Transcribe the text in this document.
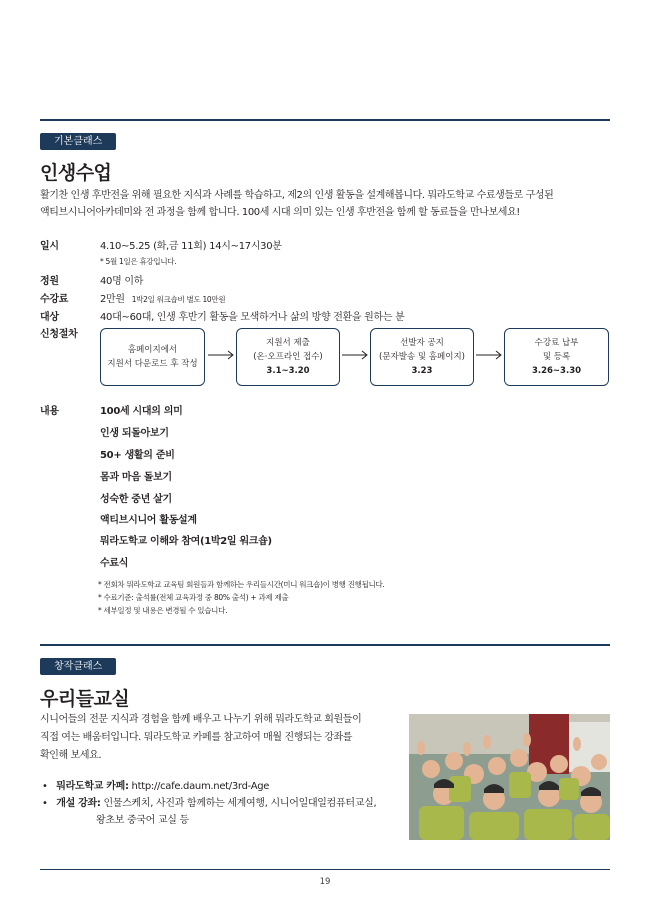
기본클래스
인생수업
활기찬 인생 후반전을 위해 필요한 지식과 사례를 학습하고, 제2의 인생 활동을 설계해봅니다. 뭐라도학교 수료생들로 구성된
액티브시니어아카데미와 전 과정을 함께 합니다. 100세 시대 의미 있는 인생 후반전을 함께 할 동료들을 만나보세요!
일시	4.10~5.25 (화,금 11회) 14시~17시30분
* 5월 1일은 휴강입니다.
정원	40명 이하
수강료	2만원 1박2일 워크숍비 별도 10만원
대상	40대~60대, 인생 후반기 활동을 모색하거나 삶의 방향 전환을 원하는 분
신청절차
홈페이지에서
지원서 다운로드 후 작성
지원서 제출
(온·오프라인 접수)
3.1~3.20
선발자 공지
(문자발송 및 홈페이지)
3.23
수강료 납부
및 등록
3.26~3.30
내용	100세 시대의 의미
인생 되돌아보기
50+ 생활의 준비
몸과 마음 돌보기
성숙한 중년 살기
액티브시니어 활동설계
뭐라도학교 이해와 참여(1박2일 워크숍)
수료식
* 전회차 뭐라도학교 교육팀 회원들과 함께하는 우리들시간(미니 워크숍)이 병행 진행됩니다.
* 수료기준: 출석률(전체 교육과정 중 80% 출석) + 과제 제출
* 세부일정 및 내용은 변경될 수 있습니다.
창작클래스
우리들교실
시니어들의 전문 지식과 경험을 함께 배우고 나누기 위해 뭐라도학교 회원들이
직접 여는 배움터입니다. 뭐라도학교 카페를 참고하여 매월 진행되는 강좌를
확인해 보세요.
•   뭐라도학교 카페: http://cafe.daum.net/3rd-Age
•   개설 강좌: 인물스케치, 사진과 함께하는 세계여행, 시니어일대일컴퓨터교실,
왕초보 중국어 교실 등
19
